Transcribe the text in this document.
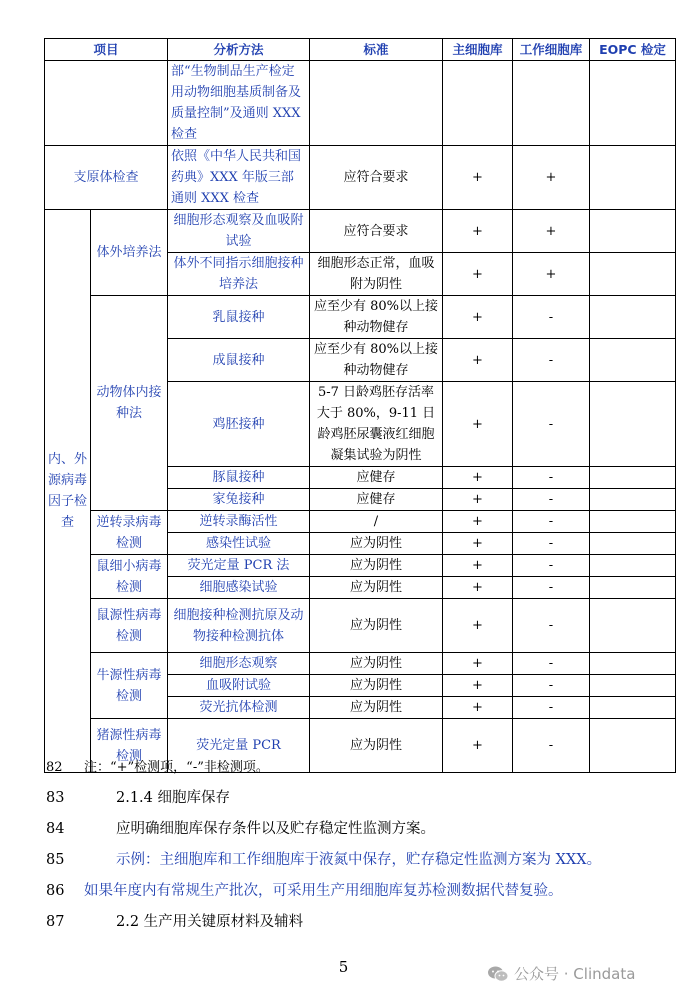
项目		分析方法	标准	主细胞库	工作细胞库	EOPC 检定
		部“生物制品生产检定用动物细胞基质制备及质量控制”及通则 XXX 检查				
支原体检查		依照《中华人民共和国药典》XXX 年版三部通则 XXX 检查	应符合要求	+	+	
内、外源病毒因子检查	体外培养法	细胞形态观察及血吸附试验	应符合要求	+	+	
		体外不同指示细胞接种培养法	细胞形态正常，血吸附为阴性	+	+	
	动物体内接种法	乳鼠接种	应至少有 80%以上接种动物健存	+	-	
		成鼠接种	应至少有 80%以上接种动物健存	+	-	
		鸡胚接种	5-7 日龄鸡胚存活率大于 80%，9-11 日龄鸡胚尿囊液红细胞凝集试验为阴性	+	-	
		豚鼠接种	应健存	+	-	
		家兔接种	应健存	+	-	
	逆转录病毒检测	逆转录酶活性	/	+	-	
		感染性试验	应为阴性	+	-	
	鼠细小病毒检测	荧光定量 PCR 法	应为阴性	+	-	
		细胞感染试验	应为阴性	+	-	
	鼠源性病毒检测	细胞接种检测抗原及动物接种检测抗体	应为阴性	+	-	
	牛源性病毒检测	细胞形态观察	应为阴性	+	-	
		血吸附试验	应为阴性	+	-	
		荧光抗体检测	应为阴性	+	-	
	猪源性病毒检测	荧光定量 PCR	应为阴性	+	-	
82 注：“+”检测项，“-”非检测项。
83	2.1.4 细胞库保存
84	应明确细胞库保存条件以及贮存稳定性监测方案。
85	示例：主细胞库和工作细胞库于液氮中保存，贮存稳定性监测方案为 XXX。
86 如果年度内有常规生产批次，可采用生产用细胞库复苏检测数据代替复验。
87	2.2 生产用关键原材料及辅料
5	公众号 · Clindata
